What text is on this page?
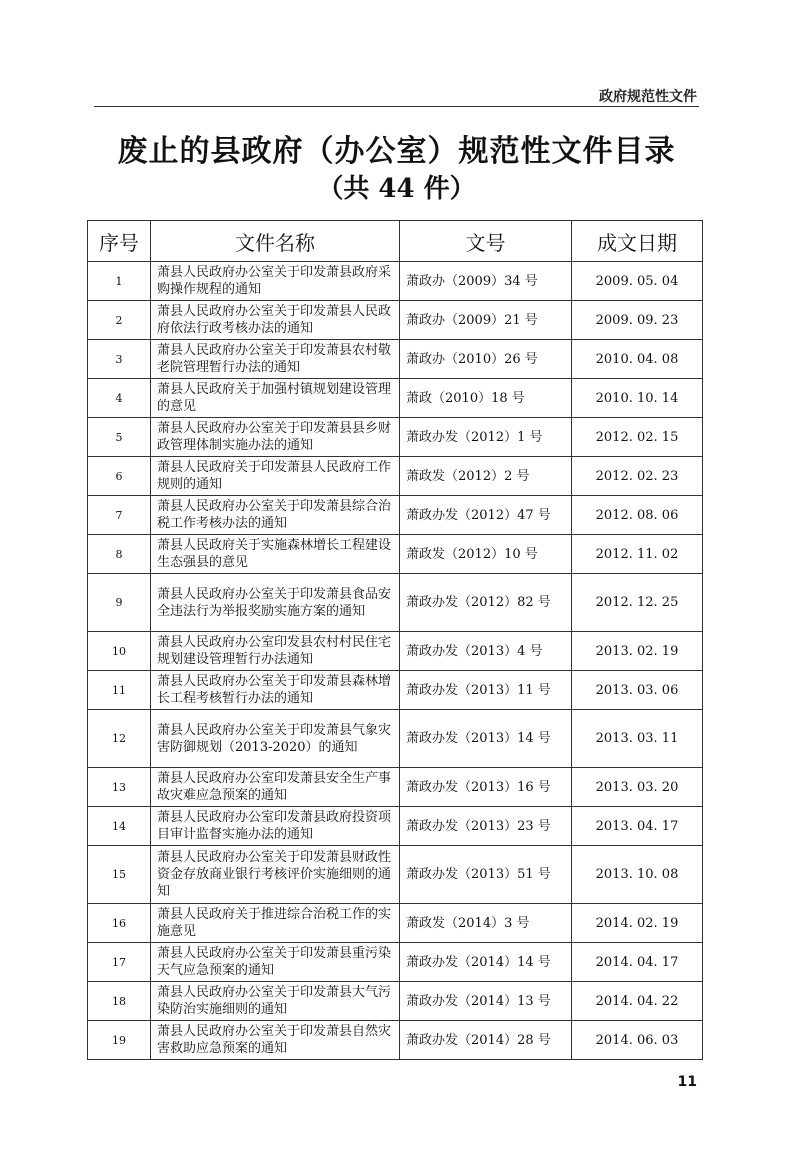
政府规范性文件
废止的县政府（办公室）规范性文件目录
（共 44 件）
序号	文件名称	文号	成文日期
1	萧县人民政府办公室关于印发萧县政府采购操作规程的通知	萧政办（2009）34 号	2009. 05. 04
2	萧县人民政府办公室关于印发萧县人民政府依法行政考核办法的通知	萧政办（2009）21 号	2009. 09. 23
3	萧县人民政府办公室关于印发萧县农村敬老院管理暂行办法的通知	萧政办（2010）26 号	2010. 04. 08
4	萧县人民政府关于加强村镇规划建设管理的意见	萧政（2010）18 号	2010. 10. 14
5	萧县人民政府办公室关于印发萧县县乡财政管理体制实施办法的通知	萧政办发（2012）1 号	2012. 02. 15
6	萧县人民政府关于印发萧县人民政府工作规则的通知	萧政发（2012）2 号	2012. 02. 23
7	萧县人民政府办公室关于印发萧县综合治税工作考核办法的通知	萧政办发（2012）47 号	2012. 08. 06
8	萧县人民政府关于实施森林增长工程建设生态强县的意见	萧政发（2012）10 号	2012. 11. 02
9	萧县人民政府办公室关于印发萧县食品安全违法行为举报奖励实施方案的通知	萧政办发（2012）82 号	2012. 12. 25
10	萧县人民政府办公室印发县农村村民住宅规划建设管理暂行办法通知	萧政办发（2013）4 号	2013. 02. 19
11	萧县人民政府办公室关于印发萧县森林增长工程考核暂行办法的通知	萧政办发（2013）11 号	2013. 03. 06
12	萧县人民政府办公室关于印发萧县气象灾害防御规划（2013-2020）的通知	萧政办发（2013）14 号	2013. 03. 11
13	萧县人民政府办公室印发萧县安全生产事故灾难应急预案的通知	萧政办发（2013）16 号	2013. 03. 20
14	萧县人民政府办公室印发萧县政府投资项目审计监督实施办法的通知	萧政办发（2013）23 号	2013. 04. 17
15	萧县人民政府办公室关于印发萧县财政性资金存放商业银行考核评价实施细则的通知	萧政办发（2013）51 号	2013. 10. 08
16	萧县人民政府关于推进综合治税工作的实施意见	萧政发（2014）3 号	2014. 02. 19
17	萧县人民政府办公室关于印发萧县重污染天气应急预案的通知	萧政办发（2014）14 号	2014. 04. 17
18	萧县人民政府办公室关于印发萧县大气污染防治实施细则的通知	萧政办发（2014）13 号	2014. 04. 22
19	萧县人民政府办公室关于印发萧县自然灾害救助应急预案的通知	萧政办发（2014）28 号	2014. 06. 03
11
